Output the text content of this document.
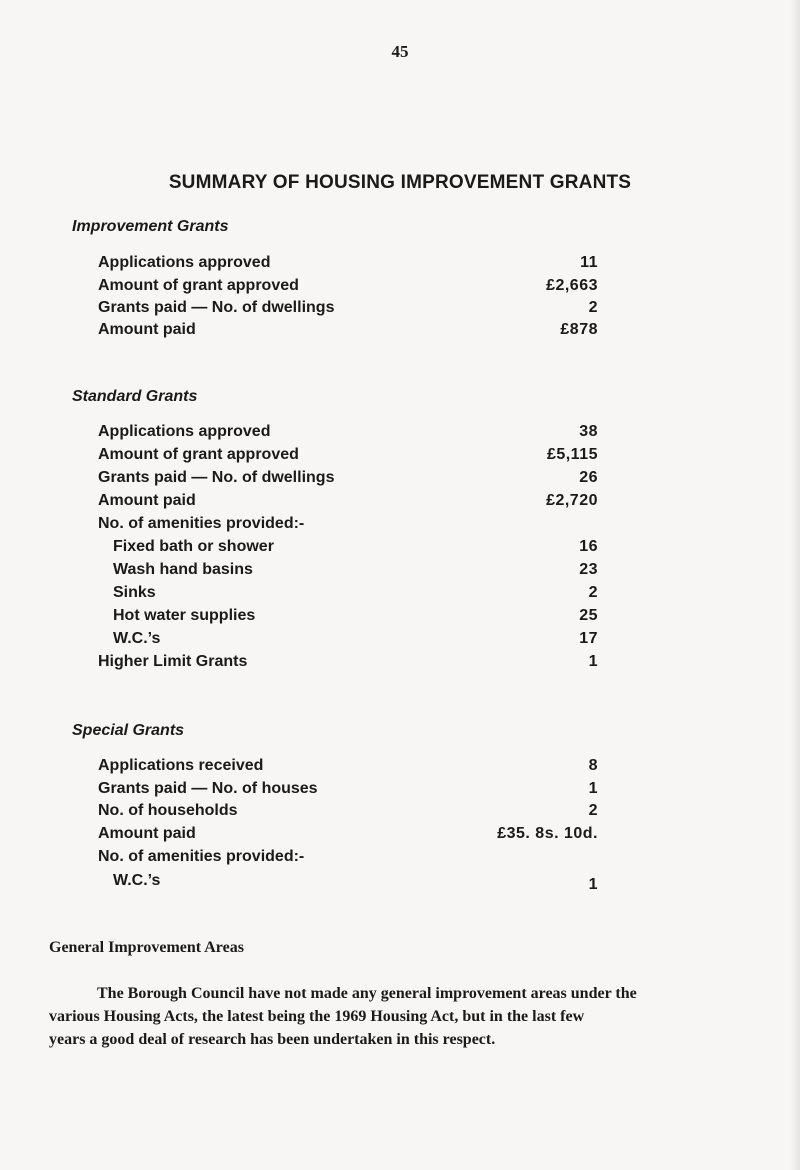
45
SUMMARY OF HOUSING IMPROVEMENT GRANTS
Improvement Grants
Applications approved	11
Amount of grant approved	£2,663
Grants paid — No. of dwellings	2
Amount paid	£878
Standard Grants
Applications approved	38
Amount of grant approved	£5,115
Grants paid — No. of dwellings	26
Amount paid	£2,720
No. of amenities provided:-
Fixed bath or shower	16
Wash hand basins	23
Sinks	2
Hot water supplies	25
W.C.’s	17
Higher Limit Grants	1
Special Grants
Applications received	8
Grants paid — No. of houses	1
No. of households	2
Amount paid	£35. 8s. 10d.
No. of amenities provided:-
W.C.’s	1
General Improvement Areas
The Borough Council have not made any general improvement areas under the
various Housing Acts, the latest being the 1969 Housing Act, but in the last few
years a good deal of research has been undertaken in this respect.
